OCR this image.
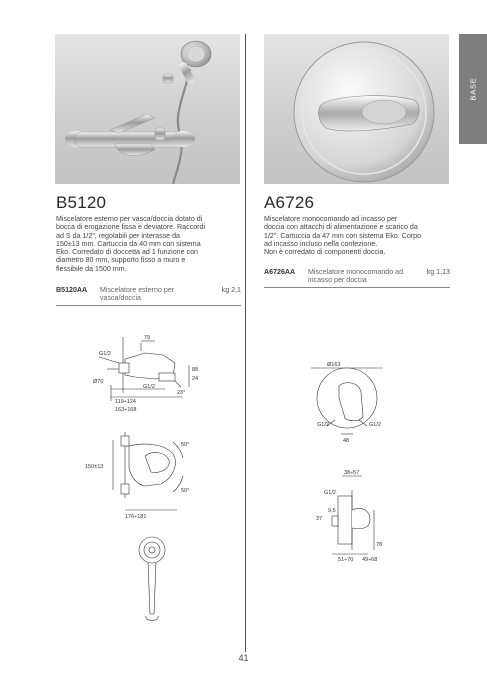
BASE
B5120

Miscelatore esterno per vasca/doccia dotato di

bocca di erogazione fissa e deviatore. Raccordi

ad S da 1/2", regolabili per interasse da

150±13 mm. Cartuccia da 40 mm con sistema

Eko. Corredato di doccetta ad 1 funzione con

diametro 80 mm, supporto fisso a muro e

flessibile da 1500 mm.

B5120AA Miscelatore esterno per
vasca/doccia
kg 2,1
79
G1/2
G1/2
Ø70
88
24
23°
119÷124
163÷168
50°
50°
150±13
176÷181
A6726

Miscelatore monocomando ad incasso per

doccia con attacchi di alimentazione e scarico da

1/2". Cartuccia da 47 mm con sistema Eko. Corpo

ad incasso incluso nella confezione.

Non è corredato di componenti doccia.

A6726AA Miscelatore monocomando ad
incasso per doccia
kg 1,13
Ø163
G1/2	G1/2
48
38÷57
G1/2
37
9,5
78
51÷70 49÷68
41
